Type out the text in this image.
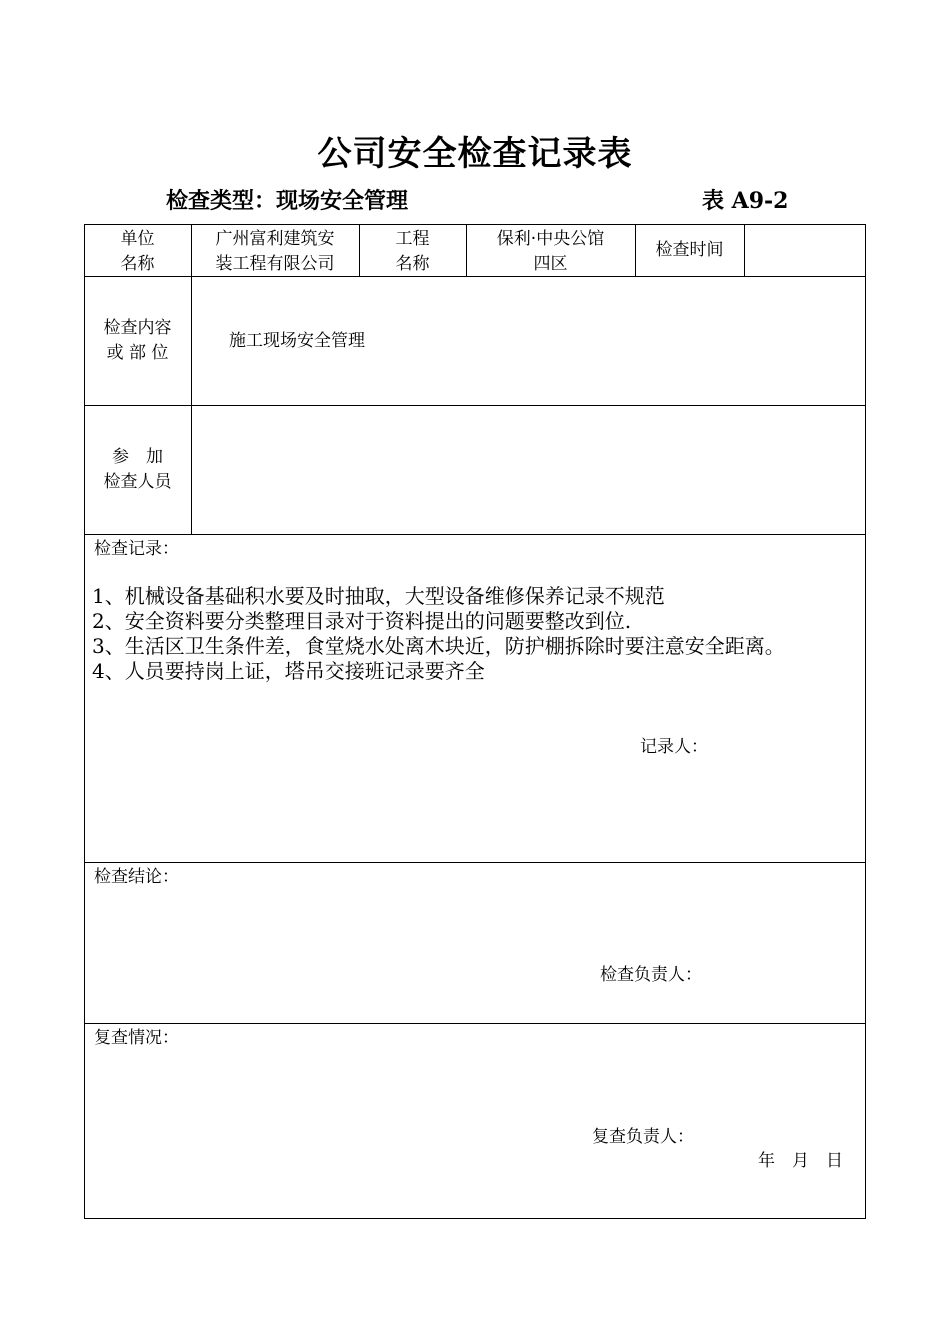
公司安全检查记录表
检查类型：现场安全管理	表 A9-2
单位
名称
广州富利建筑安
装工程有限公司
工程
名称
保利·中央公馆
四区
检查时间
检查内容
或 部 位
施工现场安全管理
参　加
检查人员
检查记录：
1、机械设备基础积水要及时抽取，大型设备维修保养记录不规范
2、安全资料要分类整理目录对于资料提出的问题要整改到位.
3、生活区卫生条件差，食堂烧水处离木块近，防护棚拆除时要注意安全距离。
4、人员要持岗上证，塔吊交接班记录要齐全
记录人：
检查结论：
检查负责人：
复查情况：
复查负责人：
年　月　日
